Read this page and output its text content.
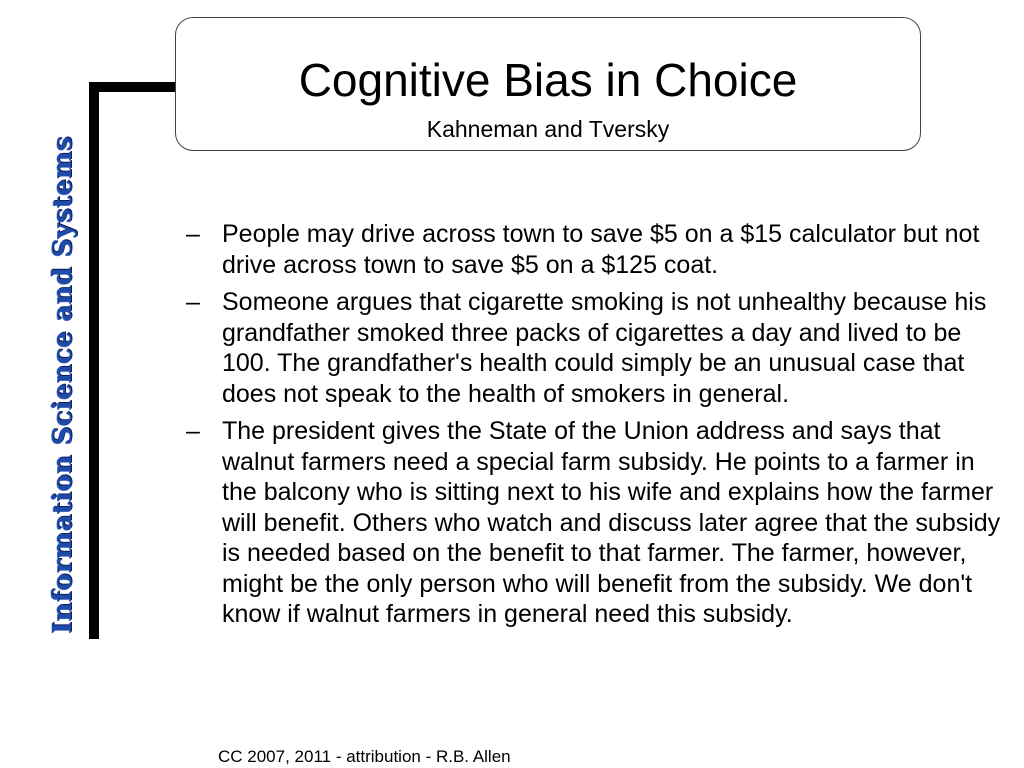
Information Science and Systems
Cognitive Bias in Choice
Kahneman and Tversky
– People may drive across town to save $5 on a $15 calculator but not drive across town to save $5 on a $125 coat.
– Someone argues that cigarette smoking is not unhealthy because his grandfather smoked three packs of cigarettes a day and lived to be 100. The grandfather's health could simply be an unusual case that does not speak to the health of smokers in general.
– The president gives the State of the Union address and says that walnut farmers need a special farm subsidy. He points to a farmer in the balcony who is sitting next to his wife and explains how the farmer will benefit. Others who watch and discuss later agree that the subsidy is needed based on the benefit to that farmer. The farmer, however, might be the only person who will benefit from the subsidy. We don't know if walnut farmers in general need this subsidy.
CC 2007, 2011 - attribution - R.B. Allen
